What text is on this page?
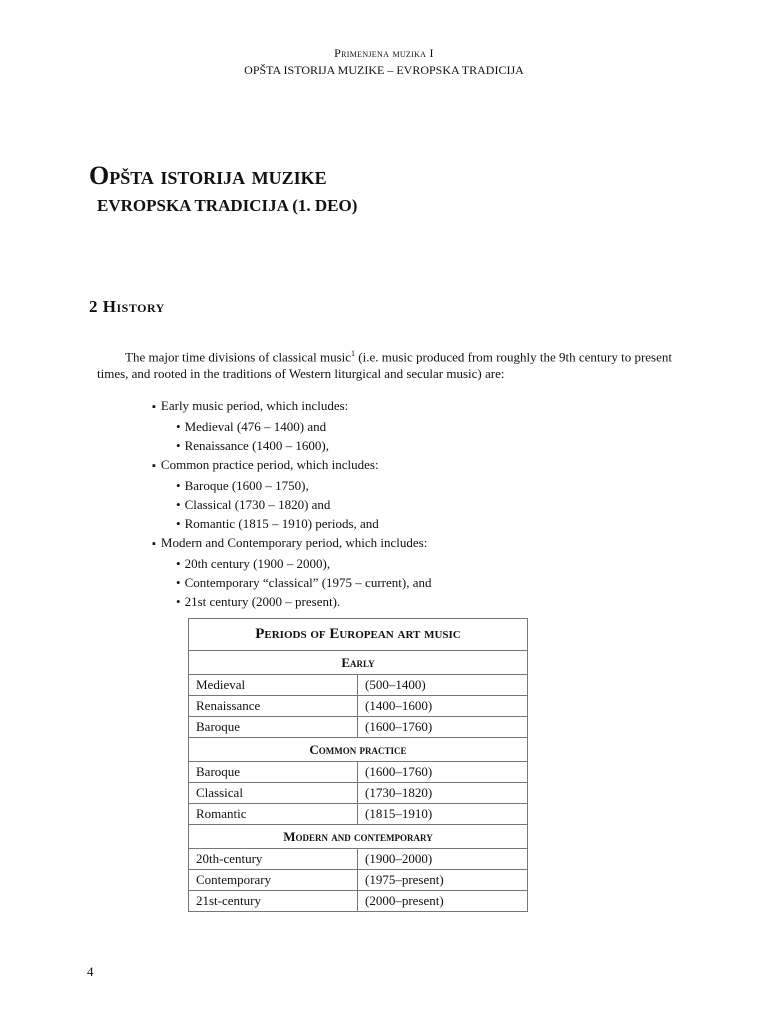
Primenjena muzika I
OPŠTA ISTORIJA MUZIKE – EVROPSKA TRADICIJA
Opšta istorija muzike
EVROPSKA TRADICIJA (1. DEO)
2 History

The major time divisions of classical music$^1$ (i.e. music produced from roughly the 9th century to present times, and rooted in the traditions of Western liturgical and secular music) are:

▪ Early music period, which includes:
• Medieval (476 – 1400) and
• Renaissance (1400 – 1600),
▪ Common practice period, which includes:
• Baroque (1600 – 1750),
• Classical (1730 – 1820) and
• Romantic (1815 – 1910) periods, and
▪ Modern and Contemporary period, which includes:
• 20th century (1900 – 2000),
• Contemporary “classical” (1975 – current), and
• 21st century (2000 – present).
Periods of European art music	
Early	
Medieval	(500–1400)
Renaissance	(1400–1600)
Baroque	(1600–1760)
Common practice	
Baroque	(1600–1760)
Classical	(1730–1820)
Romantic	(1815–1910)
Modern and contemporary	
20th-century	(1900–2000)
Contemporary	(1975–present)
21st-century	(2000–present)
4
